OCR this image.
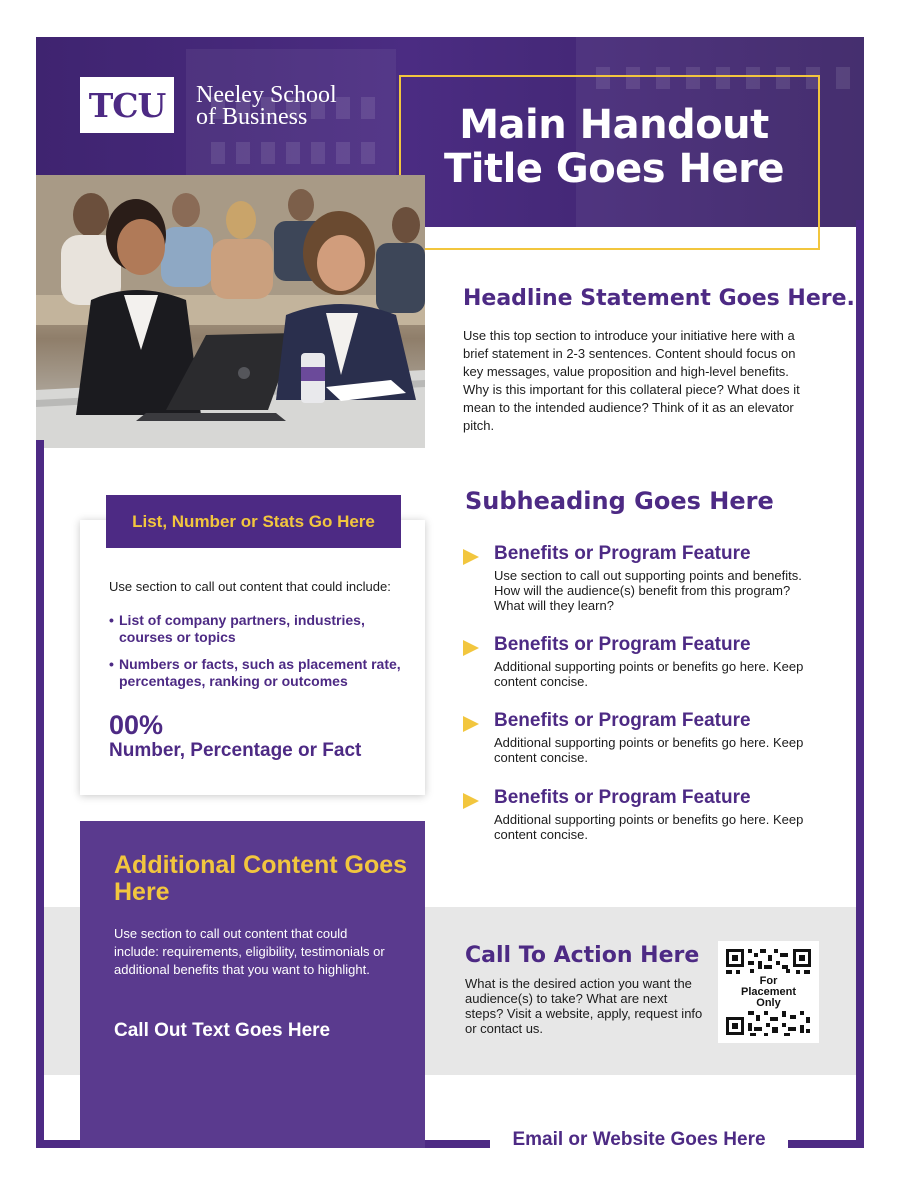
TCU Neeley School
of Business	Main Handout
Title Goes Here
Headline Statement Goes Here.
Use this top section to introduce your initiative here with a brief statement in 2-3 sentences. Content should focus on key messages, value proposition and high-level benefits. Why is this important for this collateral piece? What does it mean to the intended audience? Think of it as an elevator pitch.
List, Number or Stats Go Here
Use section to call out content that could include:
• List of company partners, industries, courses or topics
• Numbers or facts, such as placement rate, percentages, ranking or outcomes
00%
Number, Percentage or Fact
Subheading Goes Here
Benefits or Program Feature
Use section to call out supporting points and benefits. How will the audience(s) benefit from this program? What will they learn?
Benefits or Program Feature
Additional supporting points or benefits go here. Keep content concise.
Benefits or Program Feature
Additional supporting points or benefits go here. Keep content concise.
Benefits or Program Feature
Additional supporting points or benefits go here. Keep content concise.
Additional Content Goes Here
Use section to call out content that could include: requirements, eligibility, testimonials or additional benefits that you want to highlight.
Call Out Text Goes Here
Call To Action Here
What is the desired action you want the audience(s) to take? What are next steps? Visit a website, apply, request info or contact us.
For
Placement
Only
Email or Website Goes Here
